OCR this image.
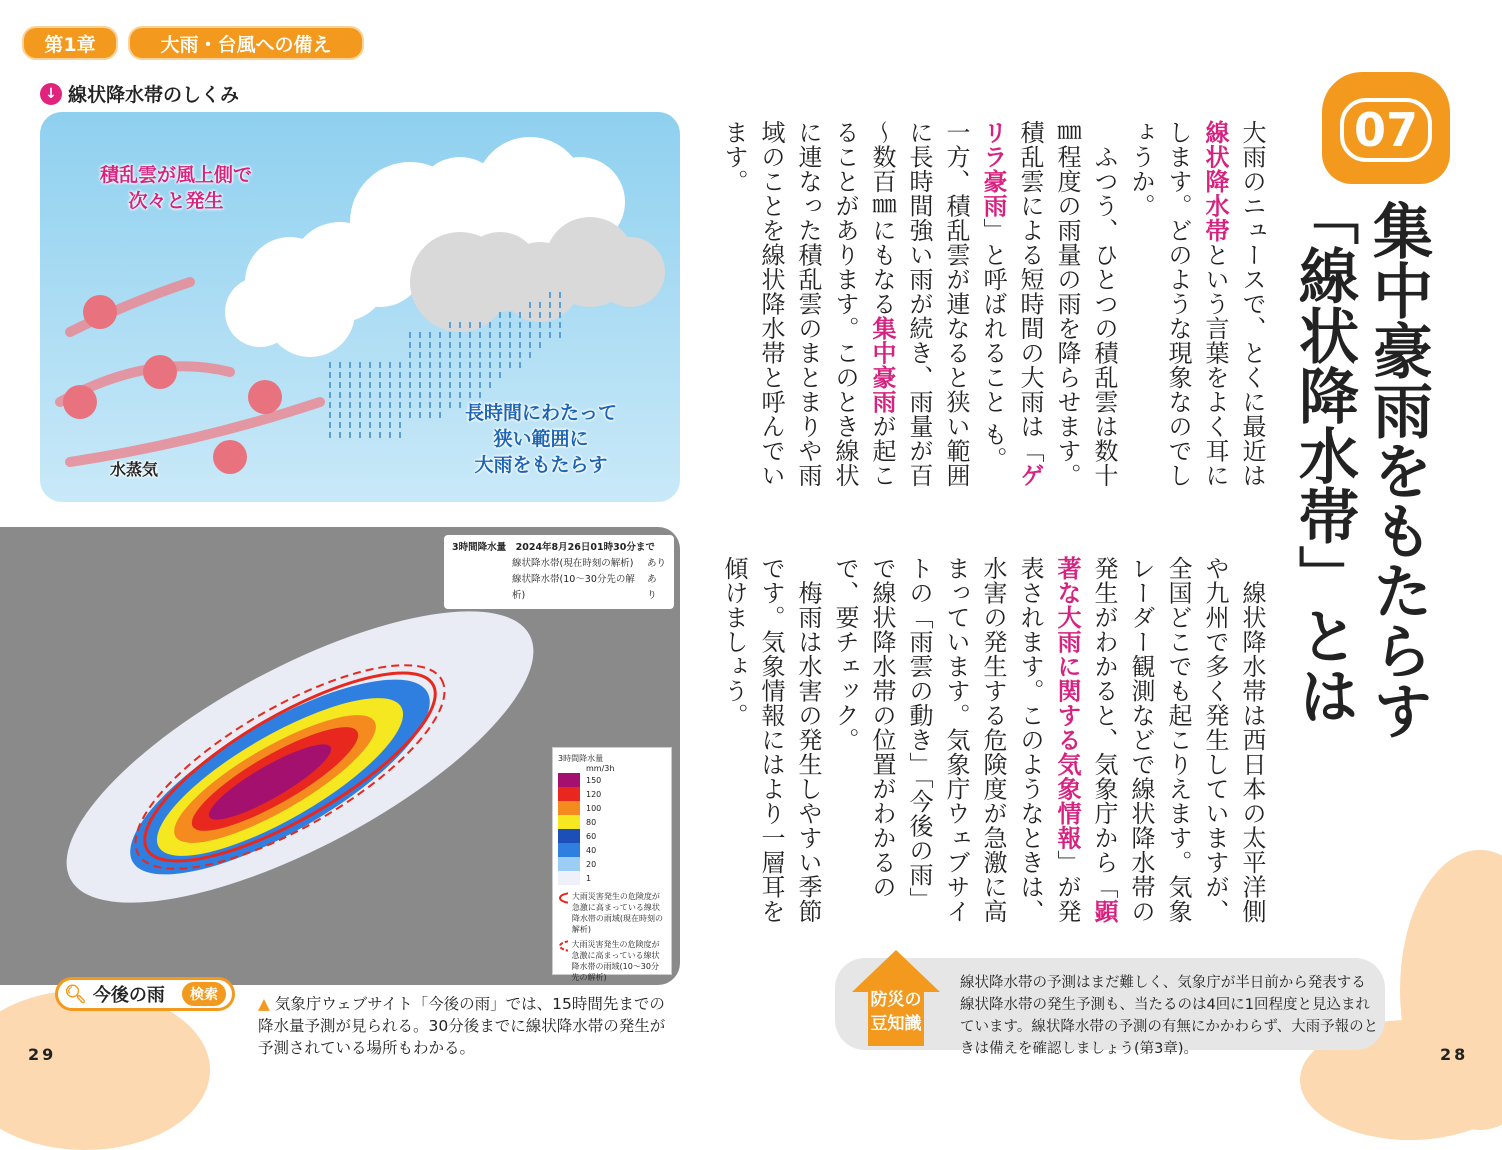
第1章	大雨・台風への備え
↓ 線状降水帯のしくみ
積乱雲が風上側で
次々と発生
長時間にわたって
狭い範囲に
大雨をもたらす
水蒸気
3時間降水量　2024年8月26日01時30分まで
線状降水帯(現在時刻の解析) あり
線状降水帯(10～30分先の解析)
あり
3時間降水量
mm/3h
150
120
100
80
60
40
20
1
大雨災害発生の危険度が急激に高まっている線状降水帯の雨域(現在時刻の解析)
大雨災害発生の危険度が急激に高まっている線状降水帯の雨域(10～30分先の解析)
🔍︎ 今後の雨	検索	▲ 気象庁ウェブサイト「今後の雨」では、15時間先までの降水量予測が見られる。30分後までに線状降水帯の発生が予測されている場所もわかる。
29
07
集中豪雨をもたらす
「線状降水帯」とは
大雨のニュースで、とくに最近は線状降水帯という言葉をよく耳にします。どのような現象なのでしょうか。
　ふつう、ひとつの積乱雲は数十㎜程度の雨量の雨を降らせます。積乱雲による短時間の大雨は「ゲリラ豪雨」と呼ばれること も。一方、積乱雲が連なると狭い範囲に長時間強い雨が続き、雨量が百～数百㎜にもなる集中豪雨が起こることがあります。このとき線状に連なった積乱雲のまとまりや雨域のことを線状降水帯と呼んでいます。
　線状降水帯は西日本の太平洋側や九州で多く発生していますが、全国どこでも起こりえます。気象レーダー観測などで線状降水帯の発生がわかると、気象庁から「顕著な大雨に関する気象情報」が発表されます。このようなときは、水害の発生する危険度が急激に高まっています。気象庁ウェブサイトの「雨雲の動き」「今後の雨」で線状降水帯の位置がわかるので、要チェック。
　梅雨は水害の発生しやすい季節です。気象情報にはより一層耳を傾けましょう。
防災の
豆知識
線状降水帯の予測はまだ難しく、気象庁が半日前から発表する線状降水帯の発生予測も、当たるのは4回に1回程度と見込まれています。線状降水帯の予測の有無にかかわらず、大雨予報のときは備えを確認しましょう(第3章)。	28
